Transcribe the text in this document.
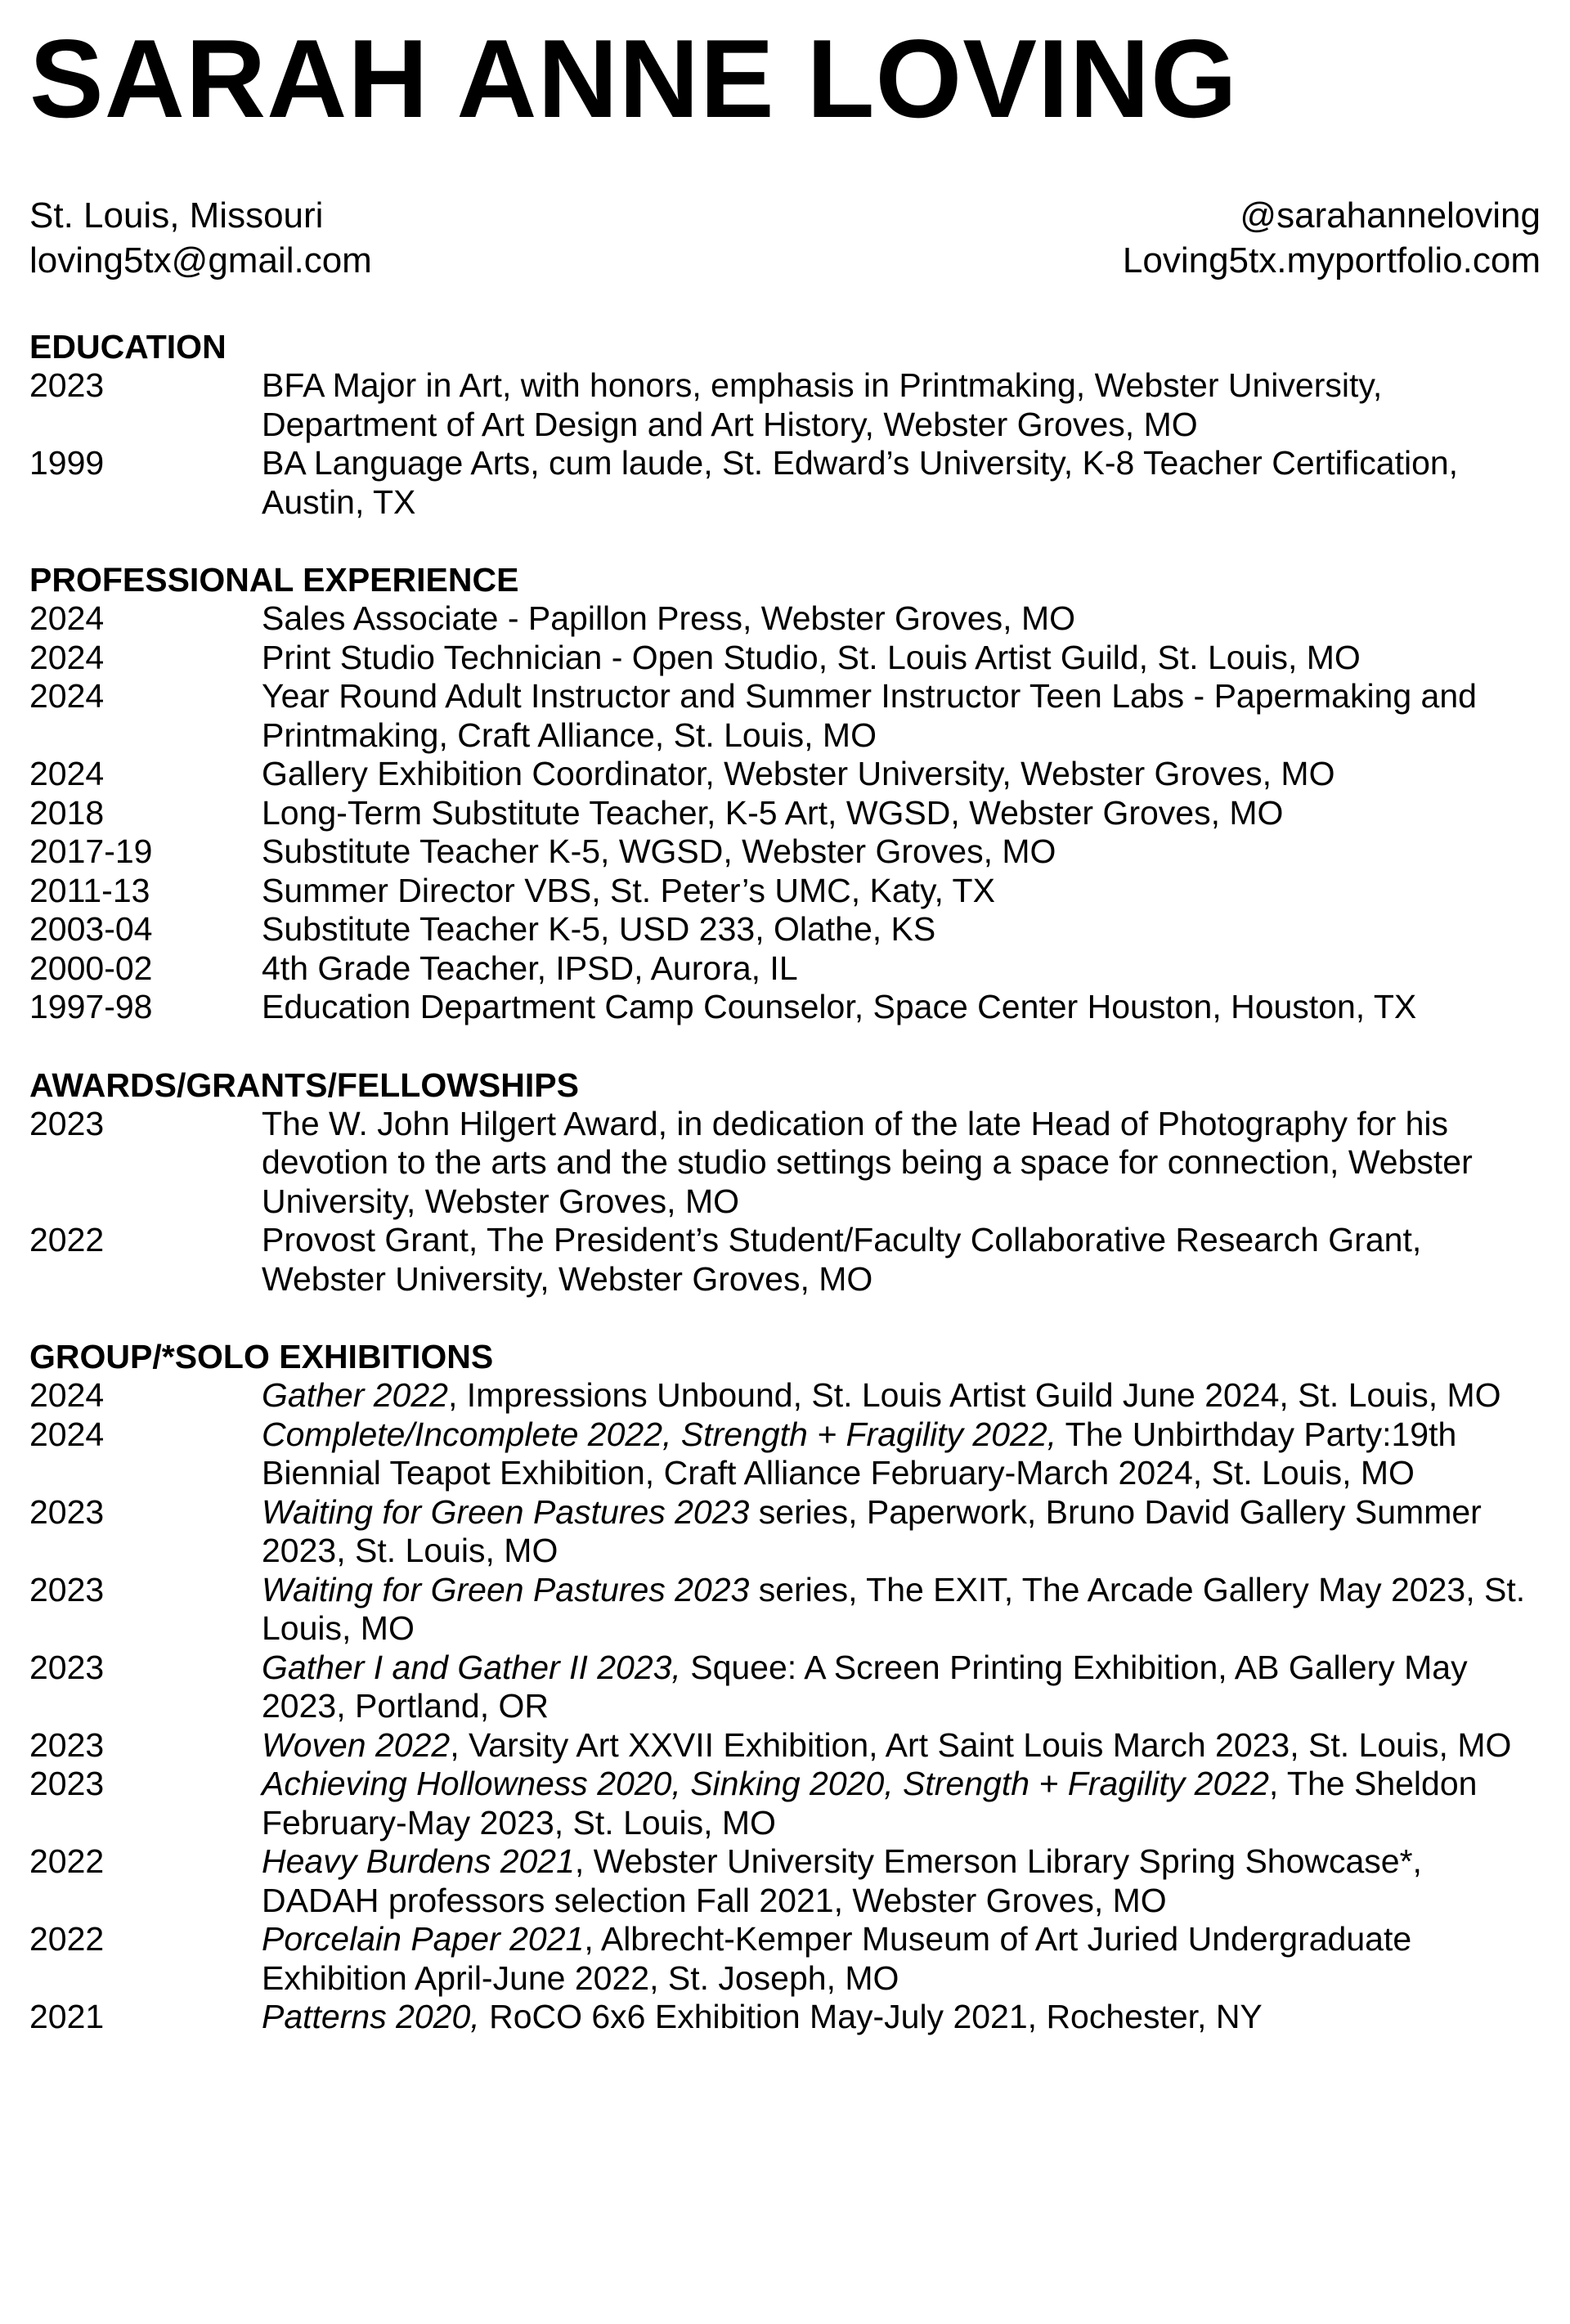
SARAH ANNE LOVING
St. Louis, Missouri
loving5tx@gmail.com
@sarahanneloving
Loving5tx.myportfolio.com
EDUCATION
2023	BFA Major in Art, with honors, emphasis in Printmaking, Webster University, Department of Art Design and Art History, Webster Groves, MO
1999	BA Language Arts, cum laude, St. Edward’s University, K-8 Teacher Certification, Austin, TX
PROFESSIONAL EXPERIENCE
2024	Sales Associate - Papillon Press, Webster Groves, MO
2024	Print Studio Technician - Open Studio, St. Louis Artist Guild, St. Louis, MO
2024	Year Round Adult Instructor and Summer Instructor Teen Labs - Papermaking and Printmaking, Craft Alliance, St. Louis, MO
2024	Gallery Exhibition Coordinator, Webster University, Webster Groves, MO
2018	Long-Term Substitute Teacher, K-5 Art, WGSD, Webster Groves, MO
2017-19	Substitute Teacher K-5, WGSD, Webster Groves, MO
2011-13	Summer Director VBS, St. Peter’s UMC, Katy, TX
2003-04	Substitute Teacher K-5, USD 233, Olathe, KS
2000-02	4th Grade Teacher, IPSD, Aurora, IL
1997-98	Education Department Camp Counselor, Space Center Houston, Houston, TX
AWARDS/GRANTS/FELLOWSHIPS
2023	The W. John Hilgert Award, in dedication of the late Head of Photography for his devotion to the arts and the studio settings being a space for connection, Webster University, Webster Groves, MO
2022	Provost Grant, The President’s Student/Faculty Collaborative Research Grant, Webster University, Webster Groves, MO
GROUP/*SOLO EXHIBITIONS
2024	Gather 2022, Impressions Unbound, St. Louis Artist Guild June 2024, St. Louis, MO
2024	Complete/Incomplete 2022, Strength + Fragility 2022, The Unbirthday Party:19th Biennial Teapot Exhibition, Craft Alliance February-March 2024, St. Louis, MO
2023	Waiting for Green Pastures 2023 series, Paperwork, Bruno David Gallery Summer 2023, St. Louis, MO
2023	Waiting for Green Pastures 2023 series, The EXIT, The Arcade Gallery May 2023, St. Louis, MO
2023	Gather I and Gather II 2023, Squee: A Screen Printing Exhibition, AB Gallery May 2023, Portland, OR
2023	Woven 2022, Varsity Art XXVII Exhibition, Art Saint Louis March 2023, St. Louis, MO
2023	Achieving Hollowness 2020, Sinking 2020, Strength + Fragility 2022, The Sheldon February-May 2023, St. Louis, MO
2022	Heavy Burdens 2021, Webster University Emerson Library Spring Showcase*, DADAH professors selection Fall 2021, Webster Groves, MO
2022	Porcelain Paper 2021, Albrecht-Kemper Museum of Art Juried Undergraduate Exhibition April-June 2022, St. Joseph, MO
2021	Patterns 2020, RoCO 6x6 Exhibition May-July 2021, Rochester, NY
